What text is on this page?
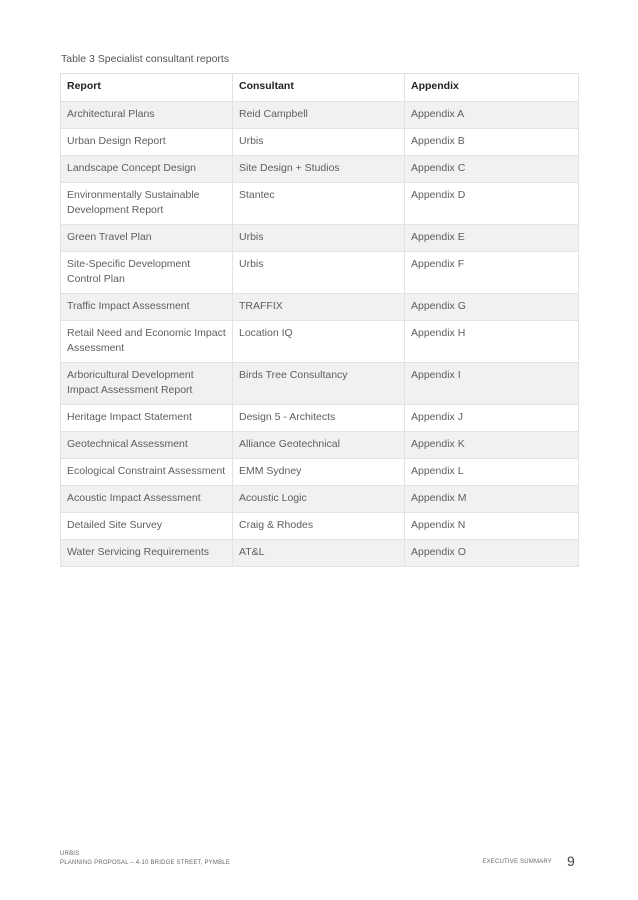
Table 3 Specialist consultant reports
Report	Consultant	Appendix
Architectural Plans	Reid Campbell	Appendix A
Urban Design Report	Urbis	Appendix B
Landscape Concept Design	Site Design + Studios	Appendix C
Environmentally Sustainable Development Report	Stantec	Appendix D
Green Travel Plan	Urbis	Appendix E
Site-Specific Development Control Plan	Urbis	Appendix F
Traffic Impact Assessment	TRAFFIX	Appendix G
Retail Need and Economic Impact Assessment	Location IQ	Appendix H
Arboricultural Development Impact Assessment Report	Birds Tree Consultancy	Appendix I
Heritage Impact Statement	Design 5 - Architects	Appendix J
Geotechnical Assessment	Alliance Geotechnical	Appendix K
Ecological Constraint Assessment	EMM Sydney	Appendix L
Acoustic Impact Assessment	Acoustic Logic	Appendix M
Detailed Site Survey	Craig & Rhodes	Appendix N
Water Servicing Requirements	AT&L	Appendix O
URBIS
PLANNING PROPOSAL – 4-10 BRIDGE STREET, PYMBLE	EXECUTIVE SUMMARY 9
